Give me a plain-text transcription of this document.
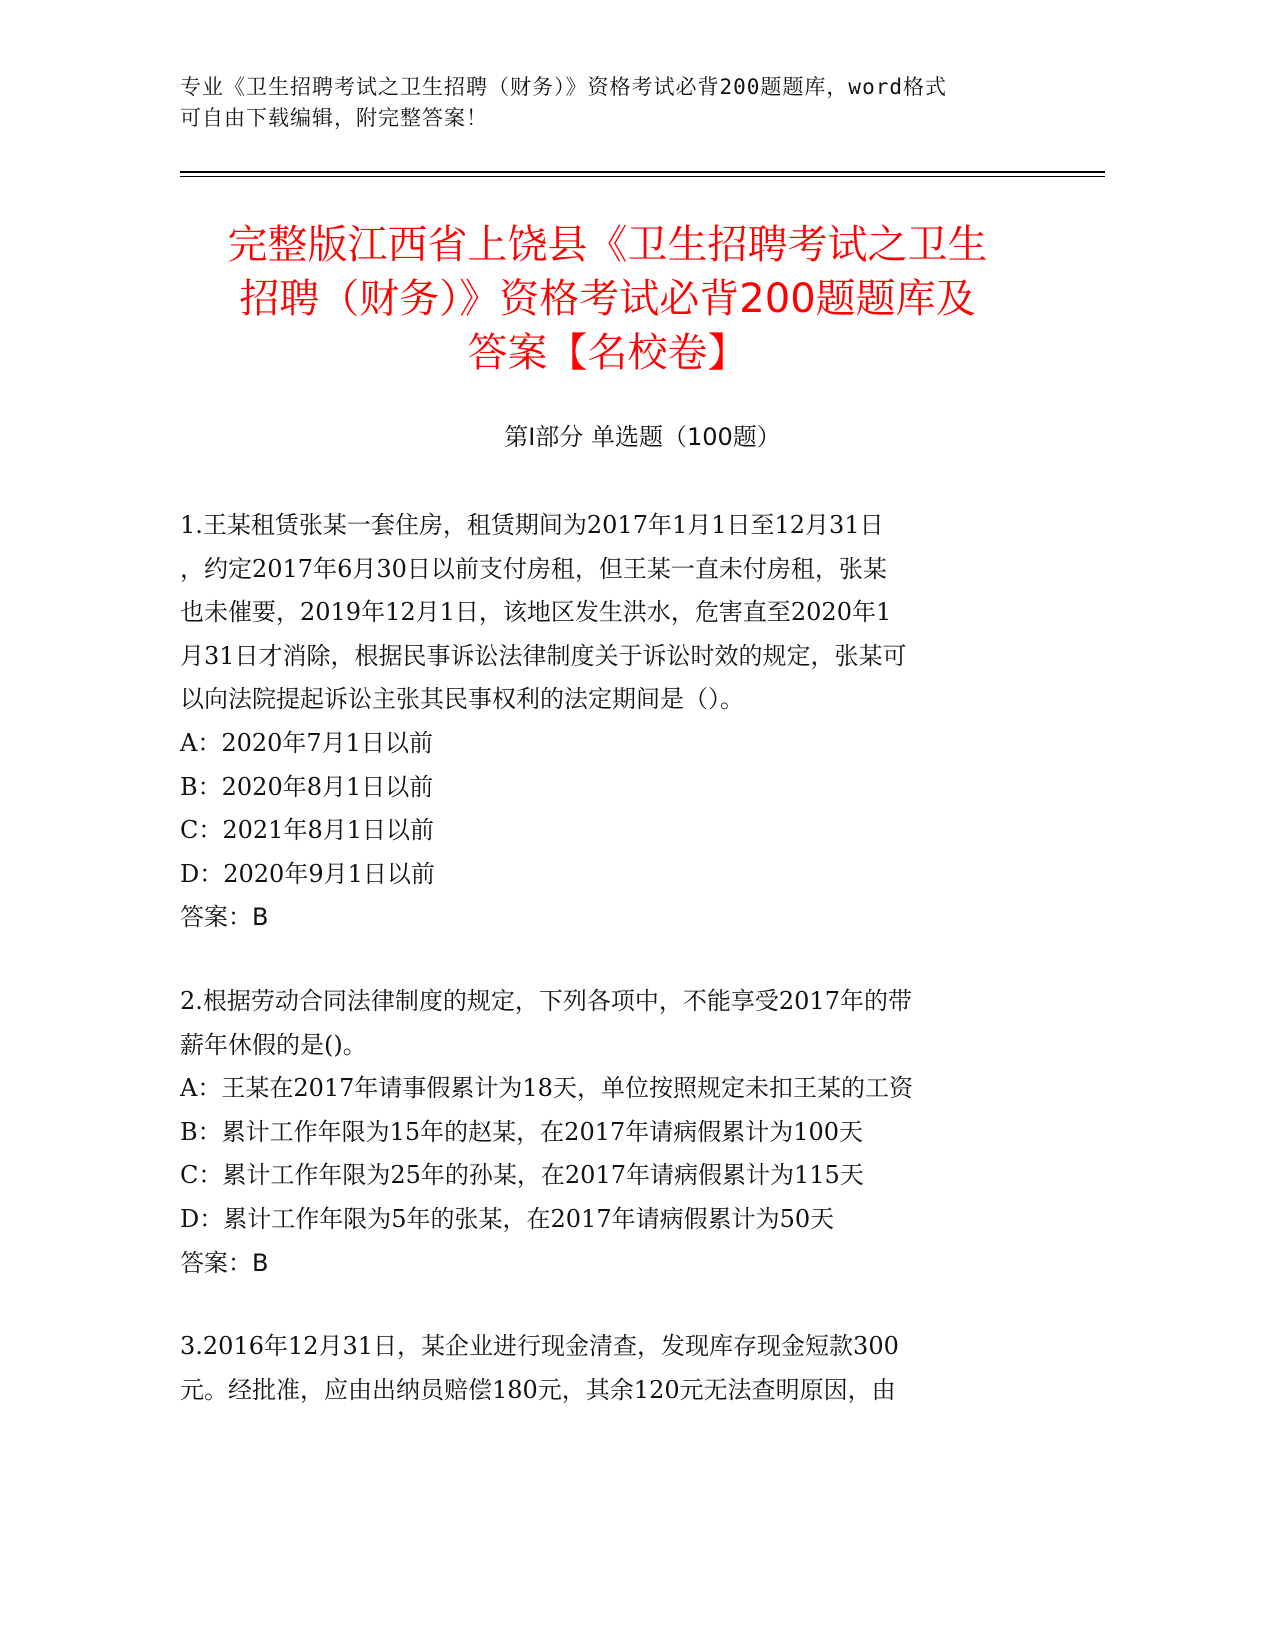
专业《卫生招聘考试之卫生招聘（财务）》资格考试必背200题题库，word格式
可自由下载编辑，附完整答案！
完整版江西省上饶县《卫生招聘考试之卫生
招聘（财务）》资格考试必背200题题库及
答案【名校卷】
第I部分 单选题（100题）
1.王某租赁张某一套住房，租赁期间为2017年1月1日至12月31日
，约定2017年6月30日以前支付房租，但王某一直未付房租，张某
也未催要，2019年12月1日，该地区发生洪水，危害直至2020年1
月31日才消除，根据民事诉讼法律制度关于诉讼时效的规定，张某可
以向法院提起诉讼主张其民事权利的法定期间是（）。
A：2020年7月1日以前
B：2020年8月1日以前
C：2021年8月1日以前
D：2020年9月1日以前
答案：B
2.根据劳动合同法律制度的规定，下列各项中，不能享受2017年的带
薪年休假的是()。
A：王某在2017年请事假累计为18天，单位按照规定未扣王某的工资
B：累计工作年限为15年的赵某，在2017年请病假累计为100天
C：累计工作年限为25年的孙某，在2017年请病假累计为115天
D：累计工作年限为5年的张某，在2017年请病假累计为50天
答案：B
3.2016年12月31日，某企业进行现金清查，发现库存现金短款300
元。经批准，应由出纳员赔偿180元，其余120元无法查明原因，由
